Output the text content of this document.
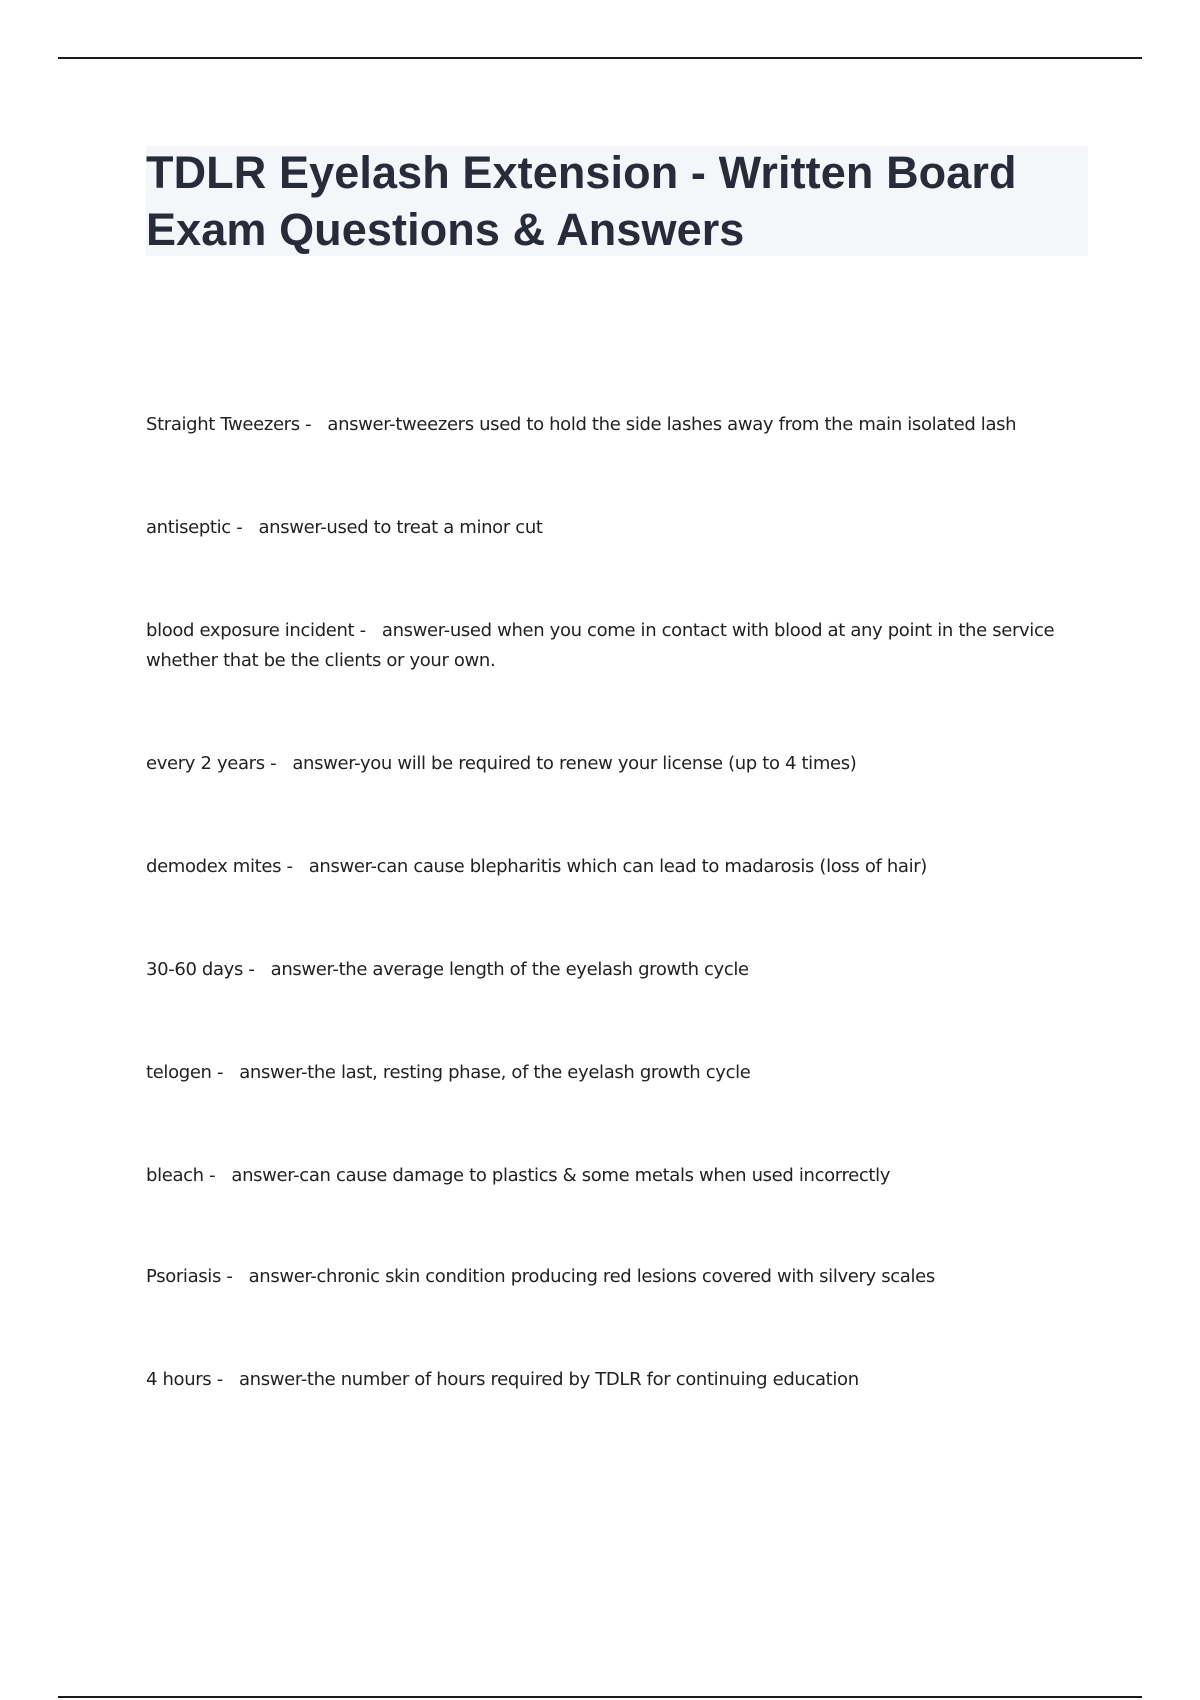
TDLR Eyelash Extension - Written Board Exam Questions & Answers
Straight Tweezers -   answer-tweezers used to hold the side lashes away from the main isolated lash
antiseptic -   answer-used to treat a minor cut
blood exposure incident -   answer-used when you come in contact with blood at any point in the service whether that be the clients or your own.
every 2 years -   answer-you will be required to renew your license (up to 4 times)
demodex mites -   answer-can cause blepharitis which can lead to madarosis (loss of hair)
30-60 days -   answer-the average length of the eyelash growth cycle
telogen -   answer-the last, resting phase, of the eyelash growth cycle
bleach -   answer-can cause damage to plastics & some metals when used incorrectly
Psoriasis -   answer-chronic skin condition producing red lesions covered with silvery scales
4 hours -   answer-the number of hours required by TDLR for continuing education
